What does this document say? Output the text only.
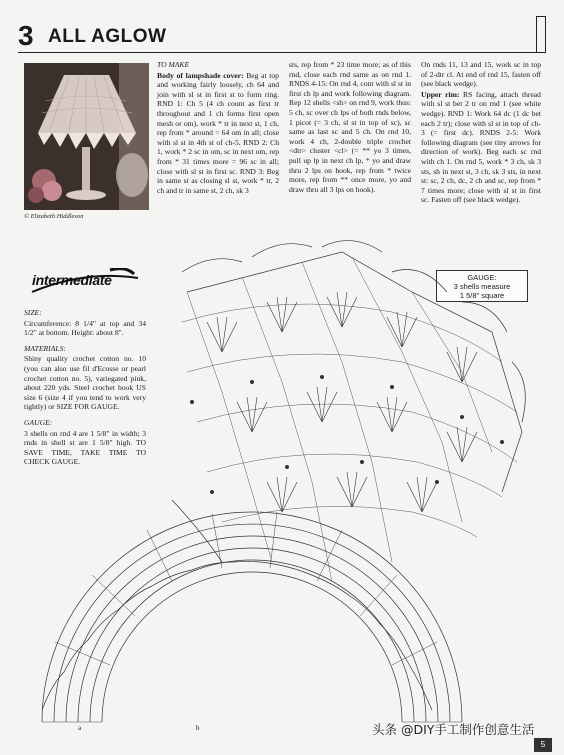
3 ALL AGLOW
© Elizabeth Hiddleson
intermediate

SIZE:

Circumference: 8 1/4" at top and 34 1/2" at bottom. Height: about 8".

MATERIALS:

Shiny quality crochet cotton no. 10 (you can also use fil d'Ecosse or pearl crochet cotton no. 5), variegated pink, about 220 yds. Steel crochet hook US size 6 (size 4 if you tend to work very tightly) or SIZE FOR GAUGE.

GAUGE:

3 shells on rnd 4 are 1 5/8" in width; 3 rnds in shell st are 1 5/8" high. TO SAVE TIME, TAKE TIME TO CHECK GAUGE.

TO MAKE

Body of lampshade cover: Beg at top and working fairly loosely, ch 64 and join with sl st in first st to form ring. RND 1: Ch 5 (4 ch count as first tr throughout and 1 ch forms first open mesh or om), work * tr in next st, 1 ch, rep from * around = 64 om in all; close with sl st in 4th st of ch-5. RND 2: Ch 1, work * 2 sc in om, sc in next om, rep from * 31 times more = 96 sc in all; close with sl st in first sc. RND 3: Beg in same st as closing sl st, work * tr, 2 ch and tr in same st, 2 ch, sk 3

sts, rep from * 23 time more; as of this rnd, close each rnd same as on rnd 1. RNDS 4-15: On rnd 4, cont with sl st in first ch lp and work following diagram. Rep 12 shells <sh> on rnd 9, work thus: 5 ch, sc over ch lps of both rnds below, 1 picot (= 3 ch, sl st in top of sc), sc same as last sc and 5 ch. On rnd 10, work 4 ch, 2-double triple crochet <dtr> cluster <cl> (= ** yo 3 times, pull up lp in next ch lp, * yo and draw thru 2 lps on hook, rep from * twice more, rep from ** once more, yo and draw thru all 3 lps on hook).

On rnds 11, 13 and 15, work sc in top of 2-dtr cl. At end of rnd 15, fasten off (see black wedge).

Upper rim: RS facing, attach thread with sl st bet 2 tr on rnd 1 (see white wedge). RND 1: Work 64 dc (1 dc bet each 2 tr); close with sl st in top of ch-3 (= first dc). RNDS 2-5: Work following diagram (see tiny arrows for direction of work). Beg each sc rnd with ch 1. On rnd 5, work * 3 ch, sk 3 sts, sh in next st, 3 ch, sk 3 sts, in next st: sc, 2 ch, dc, 2 ch and sc, rep from * 7 times more; close with sl st in first sc. Fasten off (see black wedge).

GAUGE:
3 shells measure
1 5/8" square
a	b	头条 @DIY手工制作创意生活
5
